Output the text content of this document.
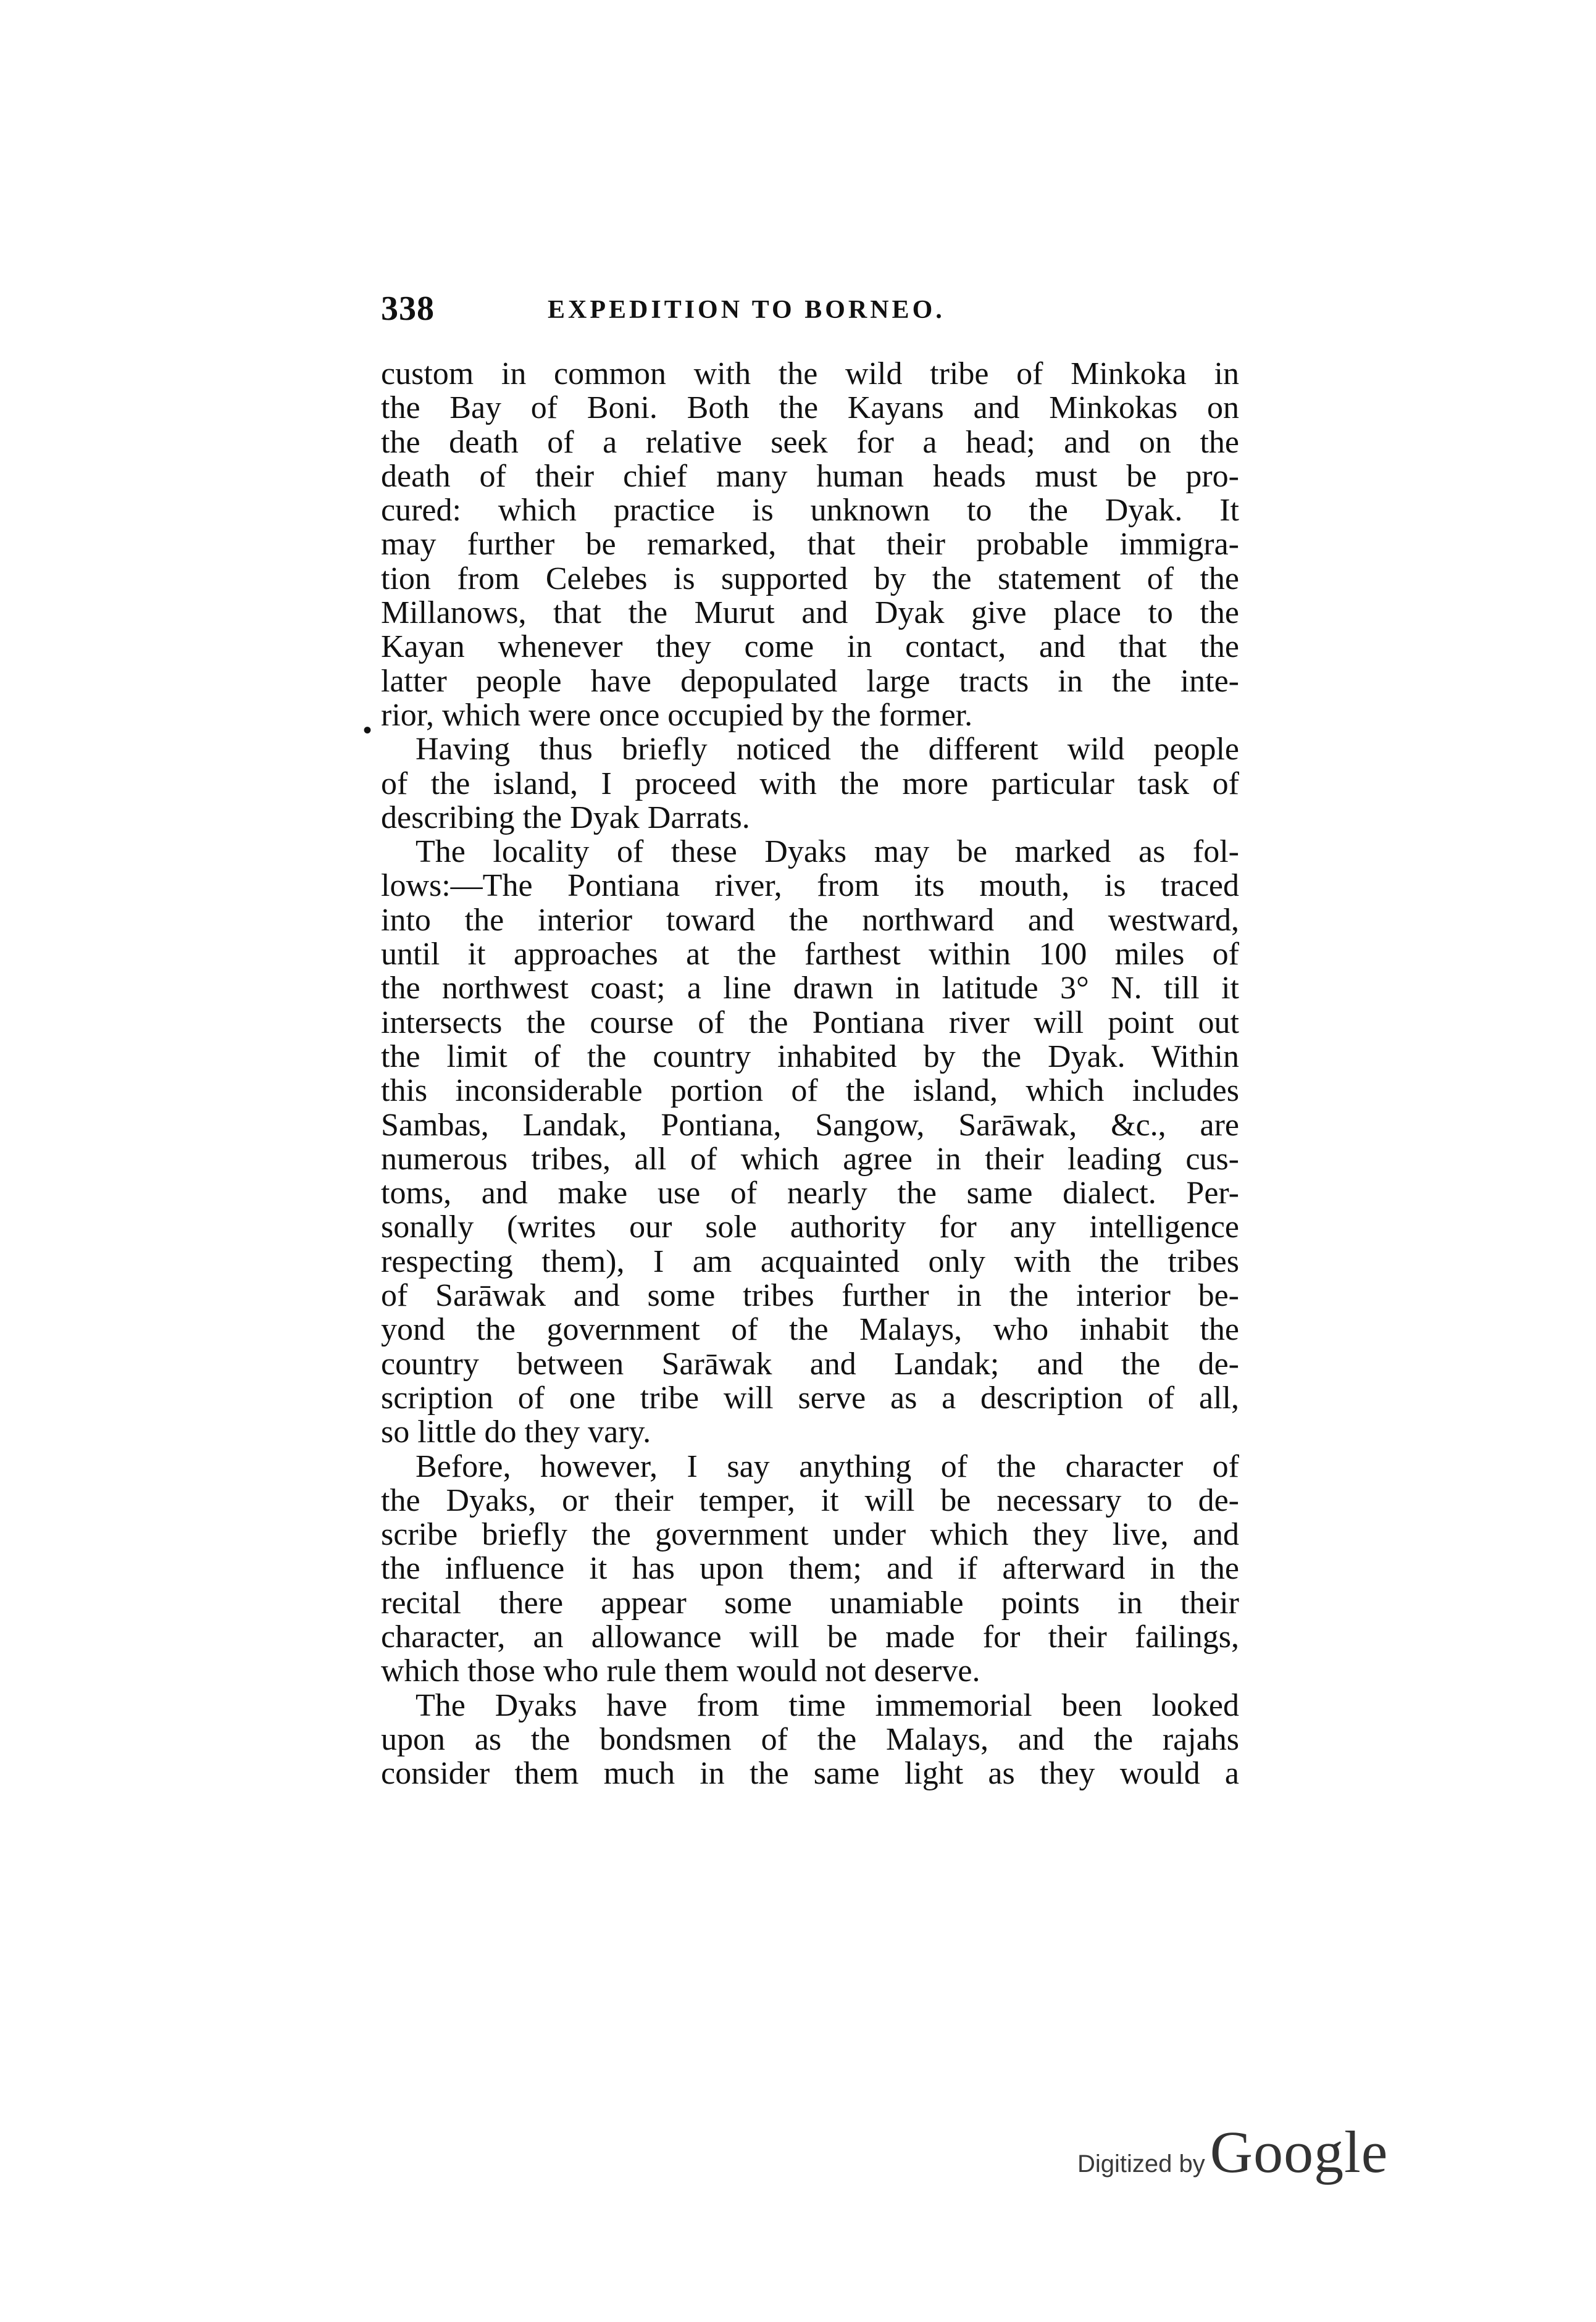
338	EXPEDITION TO BORNEO.
•
custom in common with the wild tribe of Minkoka in
the Bay of Boni. Both the Kayans and Minkokas on
the death of a relative seek for a head; and on the
death of their chief many human heads must be pro-
cured: which practice is unknown to the Dyak. It
may further be remarked, that their probable immigra-
tion from Celebes is supported by the statement of the
Millanows, that the Murut and Dyak give place to the
Kayan whenever they come in contact, and that the
latter people have depopulated large tracts in the inte-
rior, which were once occupied by the former.
Having thus briefly noticed the different wild people
of the island, I proceed with the more particular task of
describing the Dyak Darrats.
The locality of these Dyaks may be marked as fol-
lows:—The Pontiana river, from its mouth, is traced
into the interior toward the northward and westward,
until it approaches at the farthest within 100 miles of
the northwest coast; a line drawn in latitude 3° N. till it
intersects the course of the Pontiana river will point out
the limit of the country inhabited by the Dyak. Within
this inconsiderable portion of the island, which includes
Sambas, Landak, Pontiana, Sangow, Sarāwak, &c., are
numerous tribes, all of which agree in their leading cus-
toms, and make use of nearly the same dialect. Per-
sonally (writes our sole authority for any intelligence
respecting them), I am acquainted only with the tribes
of Sarāwak and some tribes further in the interior be-
yond the government of the Malays, who inhabit the
country between Sarāwak and Landak; and the de-
scription of one tribe will serve as a description of all,
so little do they vary.
Before, however, I say anything of the character of
the Dyaks, or their temper, it will be necessary to de-
scribe briefly the government under which they live, and
the influence it has upon them; and if afterward in the
recital there appear some unamiable points in their
character, an allowance will be made for their failings,
which those who rule them would not deserve.
The Dyaks have from time immemorial been looked
upon as the bondsmen of the Malays, and the rajahs
consider them much in the same light as they would a
Digitized by Google
